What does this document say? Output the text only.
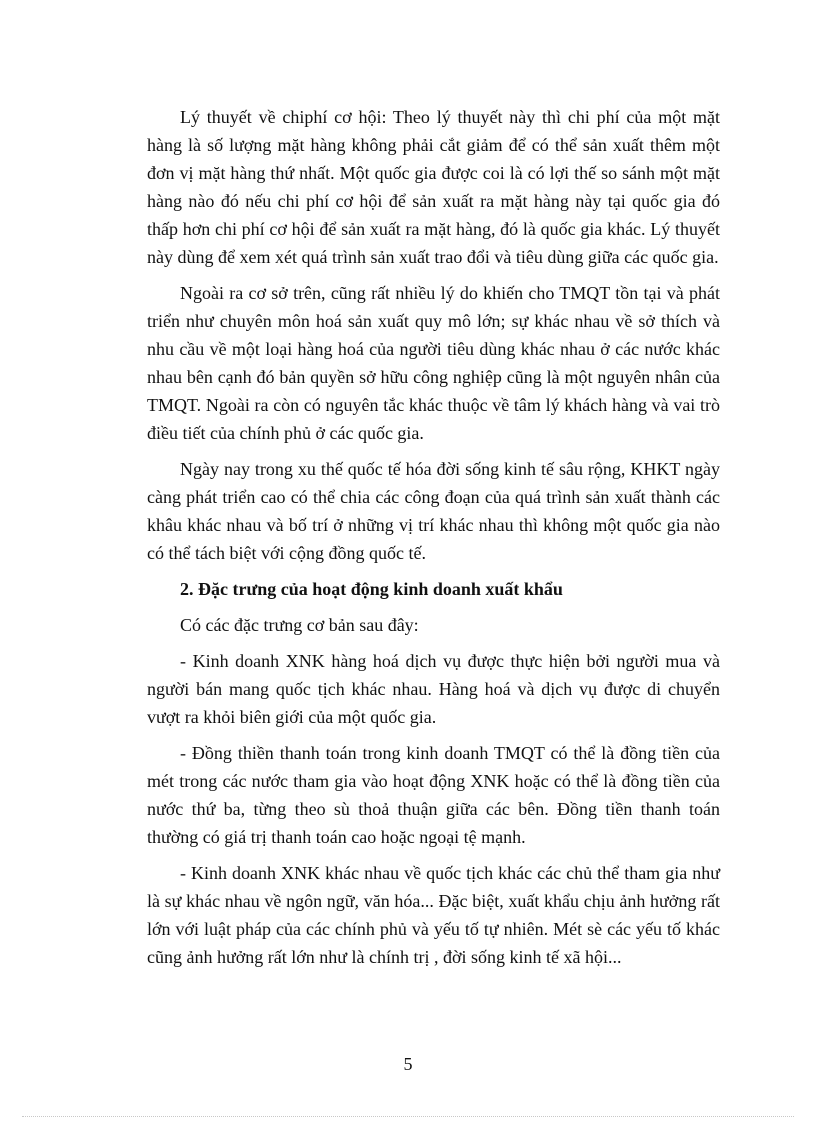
Lý thuyết về chiphí cơ hội: Theo lý thuyết này thì chi phí của một mặt hàng là số lượng mặt hàng không phải cắt giảm để có thể sản xuất thêm một đơn vị mặt hàng thứ nhất. Một quốc gia được coi là có lợi thế so sánh một mặt hàng nào đó nếu chi phí cơ hội để sản xuất ra mặt hàng này tại quốc gia đó thấp hơn chi phí cơ hội để sản xuất ra mặt hàng, đó là quốc gia khác. Lý thuyết này dùng để xem xét quá trình sản xuất trao đổi và tiêu dùng giữa các quốc gia.

Ngoài ra cơ sở trên, cũng rất nhiều lý do khiến cho TMQT tồn tại và phát triển như chuyên môn hoá sản xuất quy mô lớn; sự khác nhau về sở thích và nhu cầu về một loại hàng hoá của người tiêu dùng khác nhau ở các nước khác nhau bên cạnh đó bản quyền sở hữu công nghiệp cũng là một nguyên nhân của TMQT. Ngoài ra còn có nguyên tắc khác thuộc về tâm lý khách hàng và vai trò điều tiết của chính phủ ở các quốc gia.

Ngày nay trong xu thế quốc tế hóa đời sống kinh tế sâu rộng, KHKT ngày càng phát triển cao có thể chia các công đoạn của quá trình sản xuất thành các khâu khác nhau và bố trí ở những vị trí khác nhau thì không một quốc gia nào có thể tách biệt với cộng đồng quốc tế.

2. Đặc trưng của hoạt động kinh doanh xuất khẩu

Có các đặc trưng cơ bản sau đây:

- Kinh doanh XNK hàng hoá dịch vụ được thực hiện bởi người mua và người bán mang quốc tịch khác nhau. Hàng hoá và dịch vụ được di chuyển vượt ra khỏi biên giới của một quốc gia.

- Đồng thiền thanh toán trong kinh doanh TMQT có thể là đồng tiền của mét trong các nước tham gia vào hoạt động XNK hoặc có thể là đồng tiền của nước thứ ba, từng theo sù thoả thuận giữa các bên. Đồng tiền thanh toán thường có giá trị thanh toán cao hoặc ngoại tệ mạnh.

- Kinh doanh XNK khác nhau về quốc tịch khác các chủ thể tham gia như là sự khác nhau về ngôn ngữ, văn hóa... Đặc biệt, xuất khẩu chịu ảnh hưởng rất lớn với luật pháp của các chính phủ và yếu tố tự nhiên. Mét sè các yếu tố khác cũng ảnh hưởng rất lớn như là chính trị , đời sống kinh tế xã hội...

5
